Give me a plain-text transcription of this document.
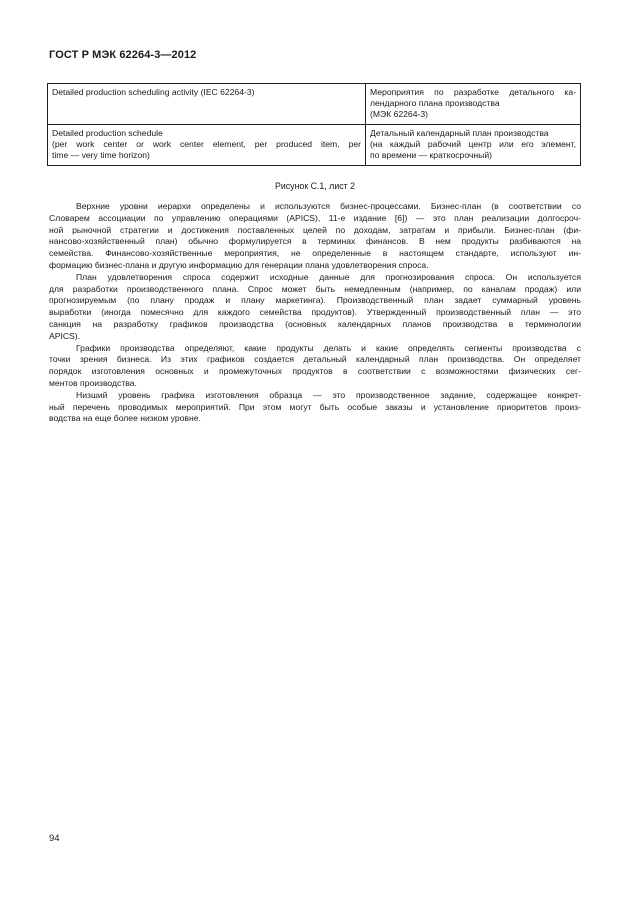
ГОСТ Р МЭК 62264-3—2012
Detailed production scheduling activity (IEC 62264-3)	Мероприятия по разработке детального ка-
лендарного плана производства
(МЭК 62264-3)

Detailed production schedule
(per work center or work center element, per produced item, per
time — very time horizon)	Детальный календарный план производства
(на каждый рабочий центр или его элемент,
по времени — краткосрочный)
Рисунок C.1, лист 2
Верхние уровни иерархи определены и используются бизнес-процессами. Бизнес-план (в соответствии со
Словарем ассоциации по управлению операциями (APICS), 11-е издание [6]) — это план реализации долгосроч-
ной рыночной стратегии и достижения поставленных целей по доходам, затратам и прибыли. Бизнес-план (фи-
нансово-хозяйственный план) обычно формулируется в терминах финансов. В нем продукты разбиваются на
семейства. Финансово-хозяйственные мероприятия, не определенные в настоящем стандарте, используют ин-
формацию бизнес-плана и другую информацию для генерации плана удовлетворения спроса.
План удовлетворения спроса содержит исходные данные для прогнозирования спроса. Он используется
для разработки производственного плана. Спрос может быть немедленным (например, по каналам продаж) или
прогнозируемым (по плану продаж и плану маркетинга). Производственный план задает суммарный уровень
выработки (иногда помесячно для каждого семейства продуктов). Утвержденный производственный план — это
санкция на разработку графиков производства (основных календарных планов производства в терминологии
APICS).
Графики производства определяют, какие продукты делать и какие определять сегменты производства с
точки зрения бизнеса. Из этих графиков создается детальный календарный план производства. Он определяет
порядок изготовления основных и промежуточных продуктов в соответствии с возможностями физических сег-
ментов производства.
Низший уровень графика изготовления образца — это производственное задание, содержащее конкрет-
ный перечень проводимых мероприятий. При этом могут быть особые заказы и установление приоритетов произ-
водства на еще более низком уровне.
94
